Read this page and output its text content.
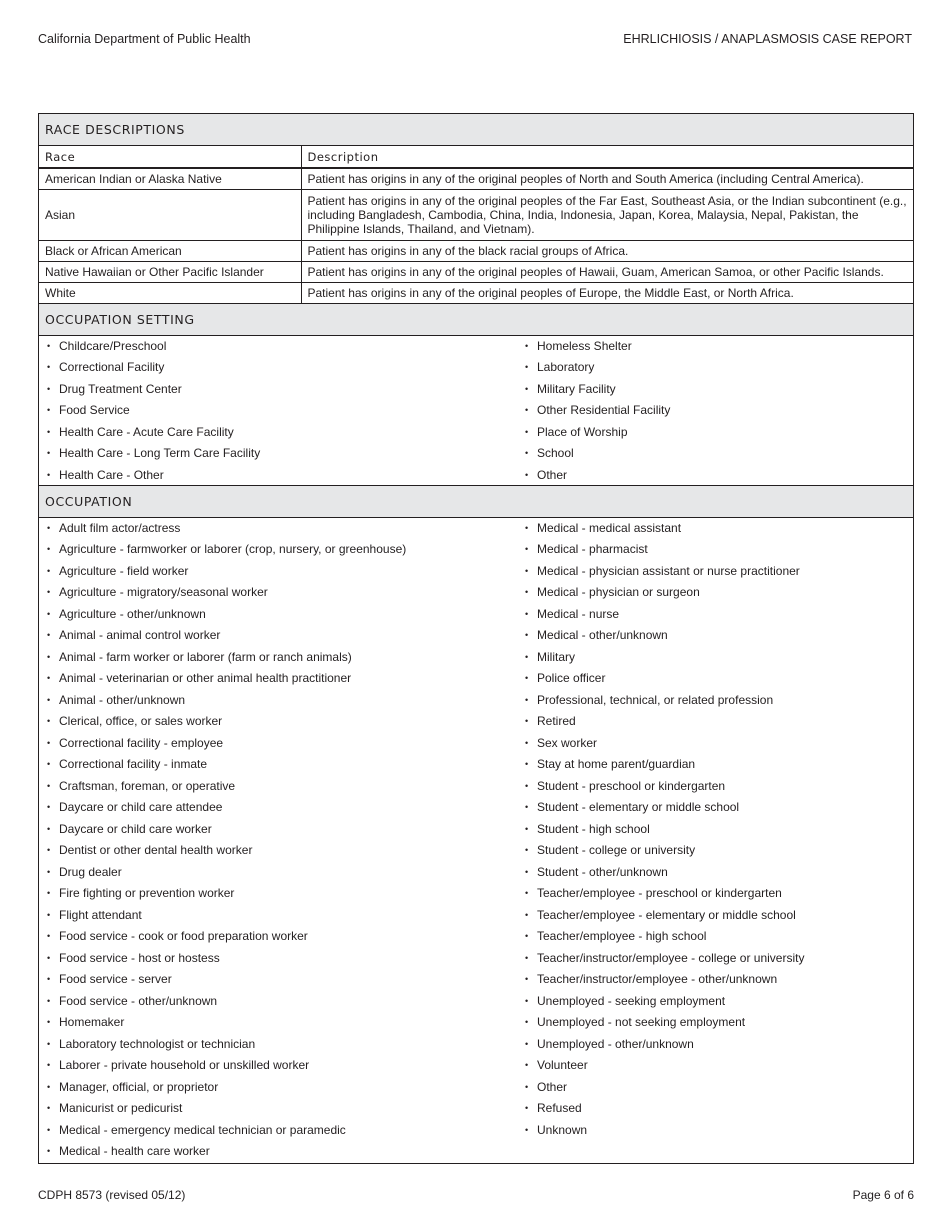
California Department of Public Health	EHRLICHIOSIS / ANAPLASMOSIS CASE REPORT
RACE DESCRIPTIONS
Race	Description
American Indian or Alaska Native	Patient has origins in any of the original peoples of North and South America (including Central America).
Asian	Patient has origins in any of the original peoples of the Far East, Southeast Asia, or the Indian subcontinent (e.g., including Bangladesh, Cambodia, China, India, Indonesia, Japan, Korea, Malaysia, Nepal, Pakistan, the Philippine Islands, Thailand, and Vietnam).
Black or African American	Patient has origins in any of the black racial groups of Africa.
Native Hawaiian or Other Pacific Islander	Patient has origins in any of the original peoples of Hawaii, Guam, American Samoa, or other Pacific Islands.
White	Patient has origins in any of the original peoples of Europe, the Middle East, or North Africa.
OCCUPATION SETTING
• Childcare/Preschool
• Correctional Facility
• Drug Treatment Center
• Food Service
• Health Care - Acute Care Facility
• Health Care - Long Term Care Facility
• Health Care - Other
• Homeless Shelter
• Laboratory
• Military Facility
• Other Residential Facility
• Place of Worship
• School
• Other
OCCUPATION
• Adult film actor/actress
• Agriculture - farmworker or laborer (crop, nursery, or greenhouse)
• Agriculture - field worker
• Agriculture - migratory/seasonal worker
• Agriculture - other/unknown
• Animal - animal control worker
• Animal - farm worker or laborer (farm or ranch animals)
• Animal - veterinarian or other animal health practitioner
• Animal - other/unknown
• Clerical, office, or sales worker
• Correctional facility - employee
• Correctional facility - inmate
• Craftsman, foreman, or operative
• Daycare or child care attendee
• Daycare or child care worker
• Dentist or other dental health worker
• Drug dealer
• Fire fighting or prevention worker
• Flight attendant
• Food service - cook or food preparation worker
• Food service - host or hostess
• Food service - server
• Food service - other/unknown
• Homemaker
• Laboratory technologist or technician
• Laborer - private household or unskilled worker
• Manager, official, or proprietor
• Manicurist or pedicurist
• Medical - emergency medical technician or paramedic
• Medical - health care worker
• Medical - medical assistant
• Medical - pharmacist
• Medical - physician assistant or nurse practitioner
• Medical - physician or surgeon
• Medical - nurse
• Medical - other/unknown
• Military
• Police officer
• Professional, technical, or related profession
• Retired
• Sex worker
• Stay at home parent/guardian
• Student - preschool or kindergarten
• Student - elementary or middle school
• Student - high school
• Student - college or university
• Student - other/unknown
• Teacher/employee - preschool or kindergarten
• Teacher/employee - elementary or middle school
• Teacher/employee - high school
• Teacher/instructor/employee - college or university
• Teacher/instructor/employee - other/unknown
• Unemployed - seeking employment
• Unemployed - not seeking employment
• Unemployed - other/unknown
• Volunteer
• Other
• Refused
• Unknown
CDPH 8573 (revised 05/12)	Page 6 of 6
